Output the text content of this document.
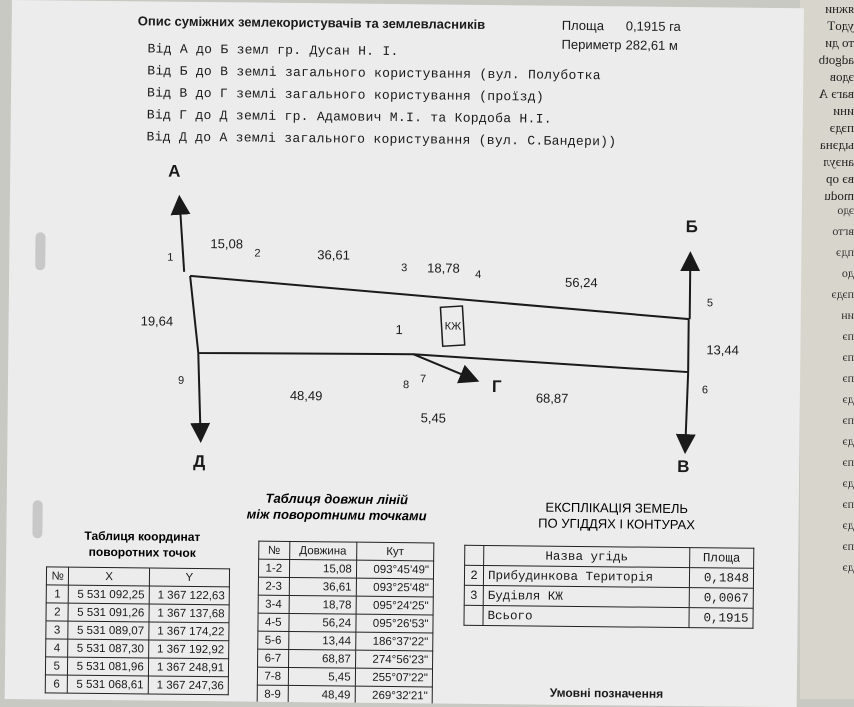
яжни
удоТ
то ди
adgotb
эдов
вагэ А
ини
пэдэ
ыдэна
анэул
вэ ор
modu
эдо
вгто
пдэ
до
пэдэ
ин
пэ
пэ
пэ
дэ
пэ
дэ
пэ
дэ
пэ
дэ
пэ
дэ
Опис суміжних землекористувачів та землевласників	Площа 0,1915 га
Периметр 282,61 м
Від А до Б земл гр. Дусан Н. І.
Від Б до В землі загального користування (вул. Полуботка
Від В до Г землі загального користування (проїзд)
Від Г до Д землі гр. Адамович М.І. та Кордоба Н.І.
Від Д до А землі загального користування (вул. С.Бандери))
А
Б
В
Г
Д
1	2
3
4
5
6
7
8
9
15,08
36,61
18,78
56,24
13,44
68,87
5,45
48,49
19,64
1	КЖ
Таблиця координат
поворотних точок
№	X	Y
1	5 531 092,25	1 367 122,63
2	5 531 091,26	1 367 137,68
3	5 531 089,07	1 367 174,22
4	5 531 087,30	1 367 192,92
5	5 531 081,96	1 367 248,91
6	5 531 068,61	1 367 247,36
Таблиця довжин ліній
між поворотними точками
№	Довжина	Кут
1-2	15,08	093°45'49"
2-3	36,61	093°25'48"
3-4	18,78	095°24'25"
4-5	56,24	095°26'53"
5-6	13,44	186°37'22"
6-7	68,87	274°56'23"
7-8	5,45	255°07'22"
8-9	48,49	269°32'21"
ЕКСПЛІКАЦІЯ ЗЕМЕЛЬ
ПО УГІДДЯХ І КОНТУРАХ
	Назва угідь	Площа
2	Прибудинкова Територія	0,1848
3	Будівля КЖ	0,0067
	Всього	0,1915
Умовні позначення
